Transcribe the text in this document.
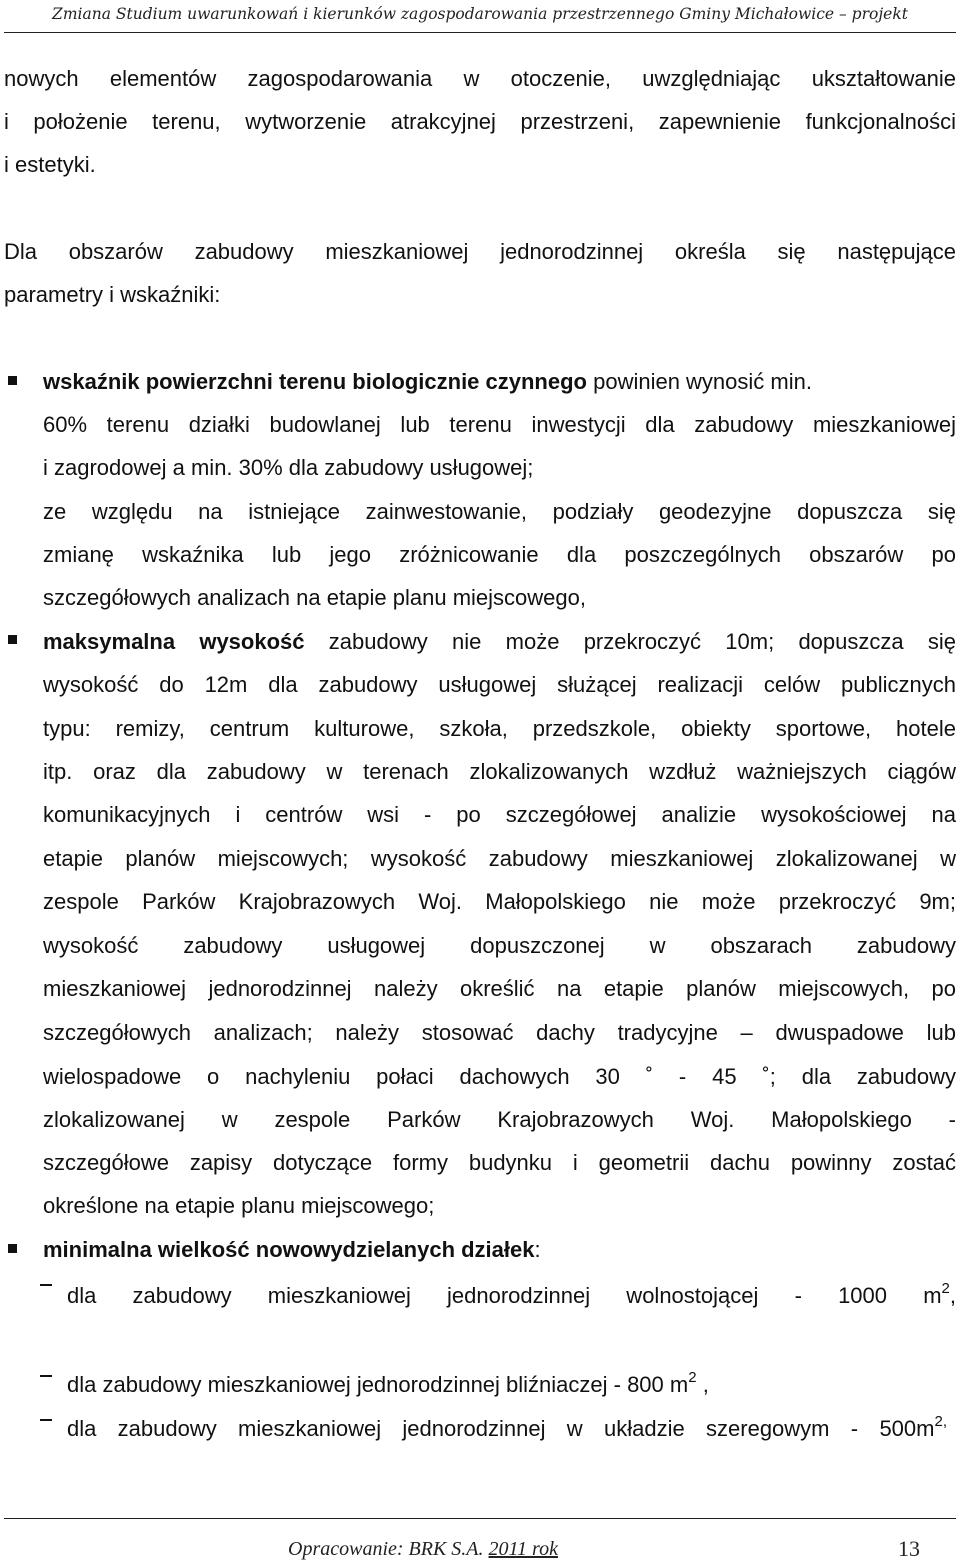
Zmiana Studium uwarunkowań i kierunków zagospodarowania przestrzennego Gminy Michałowice – projekt
nowych elementów zagospodarowania w otoczenie, uwzględniając ukształtowanie
i położenie terenu, wytworzenie atrakcyjnej przestrzeni, zapewnienie funkcjonalności
i estetyki.
Dla obszarów zabudowy mieszkaniowej jednorodzinnej określa się następujące
parametry i wskaźniki:
wskaźnik powierzchni terenu biologicznie czynnego powinien wynosić min.
60% terenu działki budowlanej lub terenu inwestycji dla zabudowy mieszkaniowej
i zagrodowej a min. 30% dla zabudowy usługowej;
ze względu na istniejące zainwestowanie, podziały geodezyjne dopuszcza się
zmianę wskaźnika lub jego zróżnicowanie dla poszczególnych obszarów po
szczegółowych analizach na etapie planu miejscowego,
maksymalna wysokość zabudowy nie może przekroczyć 10m; dopuszcza się
wysokość do 12m dla zabudowy usługowej służącej realizacji celów publicznych
typu: remizy, centrum kulturowe, szkoła, przedszkole, obiekty sportowe, hotele
itp. oraz dla zabudowy w terenach zlokalizowanych wzdłuż ważniejszych ciągów
komunikacyjnych i centrów wsi - po szczegółowej analizie wysokościowej na
etapie planów miejscowych; wysokość zabudowy mieszkaniowej zlokalizowanej w
zespole Parków Krajobrazowych Woj. Małopolskiego nie może przekroczyć 9m;
wysokość zabudowy usługowej dopuszczonej w obszarach zabudowy
mieszkaniowej jednorodzinnej należy określić na etapie planów miejscowych, po
szczegółowych analizach; należy stosować dachy tradycyjne – dwuspadowe lub
wielospadowe o nachyleniu połaci dachowych 30 ˚ - 45 ˚; dla zabudowy
zlokalizowanej w zespole Parków Krajobrazowych Woj. Małopolskiego -
szczegółowe zapisy dotyczące formy budynku i geometrii dachu powinny zostać
określone na etapie planu miejscowego;
minimalna wielkość nowowydzielanych działek:
dla zabudowy mieszkaniowej jednorodzinnej wolnostojącej - 1000 $m^2$,
dla zabudowy mieszkaniowej jednorodzinnej bliźniaczej - 800 $m^2$ ,
dla zabudowy mieszkaniowej jednorodzinnej w układzie szeregowym - $500m^{2,}$
Opracowanie: BRK S.A. 2011 rok	13
